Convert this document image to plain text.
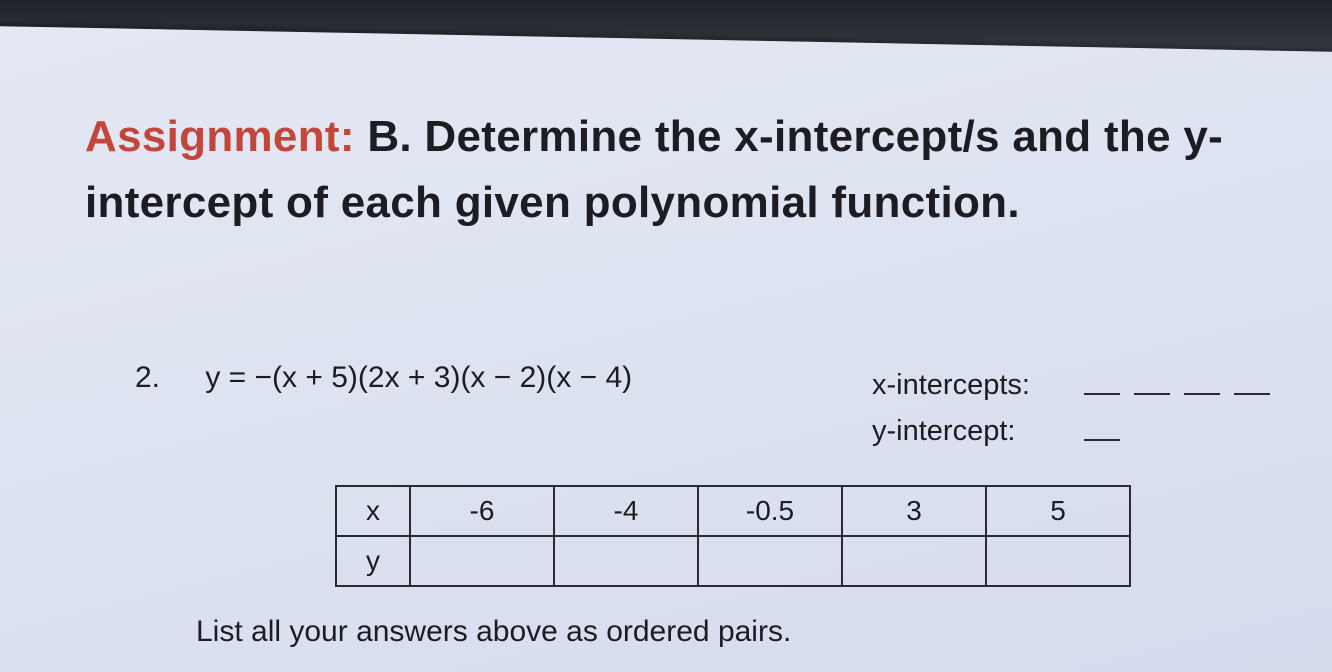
Assignment: B. Determine the x-intercept/s and the y-intercept of each given polynomial function.
2. y = −(x + 5)(2x + 3)(x − 2)(x − 4)	x-intercepts:
y-intercept:
x	-6	-4	-0.5	3	5
y					
List all your answers above as ordered pairs.
